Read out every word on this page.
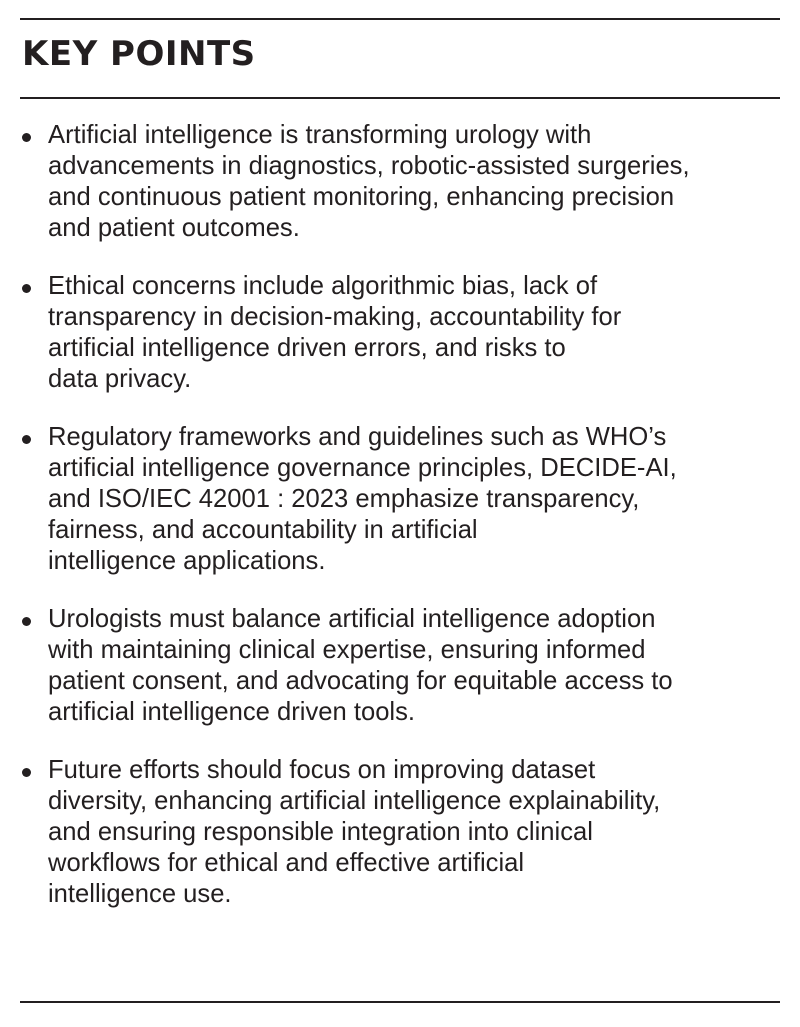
KEY POINTS
Artificial intelligence is transforming urology with
advancements in diagnostics, robotic-assisted surgeries,
and continuous patient monitoring, enhancing precision
and patient outcomes.
Ethical concerns include algorithmic bias, lack of
transparency in decision-making, accountability for
artificial intelligence driven errors, and risks to
data privacy.
Regulatory frameworks and guidelines such as WHO’s
artificial intelligence governance principles, DECIDE-AI,
and ISO/IEC 42001 : 2023 emphasize transparency,
fairness, and accountability in artificial
intelligence applications.
Urologists must balance artificial intelligence adoption
with maintaining clinical expertise, ensuring informed
patient consent, and advocating for equitable access to
artificial intelligence driven tools.
Future efforts should focus on improving dataset
diversity, enhancing artificial intelligence explainability,
and ensuring responsible integration into clinical
workflows for ethical and effective artificial
intelligence use.
